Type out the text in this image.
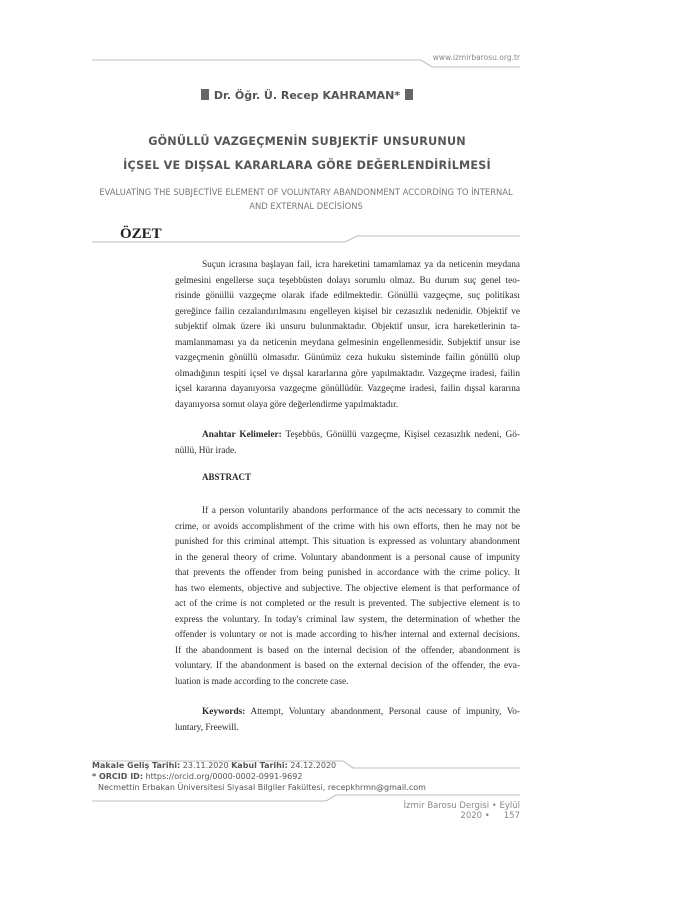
www.izmirbarosu.org.tr
Dr. Öğr. Ü. Recep KAHRAMAN*
GÖNÜLLÜ VAZGEÇMENİN SUBJEKTİF UNSURUNUN
İÇSEL VE DIŞSAL KARARLARA GÖRE DEĞERLENDİRİLMESİ
EVALUATİNG THE SUBJECTİVE ELEMENT OF VOLUNTARY ABANDONMENT ACCORDİNG TO İNTERNAL
AND EXTERNAL DECİSİONS
ÖZET
Suçun icrasına başlayan fail, icra hareketini tamamlamaz ya da neticenin meydana
gelmesini engellerse suça teşebbüsten dolayı sorumlu olmaz. Bu durum suç genel teo-
risinde gönüllü vazgeçme olarak ifade edilmektedir. Gönüllü vazgeçme, suç politikası
gereğince failin cezalandırılmasını engelleyen kişisel bir cezasızlık nedenidir. Objektif ve
subjektif olmak üzere iki unsuru bulunmaktadır. Objektif unsur, icra hareketlerinin ta-
mamlanmaması ya da neticenin meydana gelmesinin engellenmesidir. Subjektif unsur ise
vazgeçmenin gönüllü olmasıdır. Günümüz ceza hukuku sisteminde failin gönüllü olup
olmadığının tespiti içsel ve dışsal kararlarına göre yapılmaktadır. Vazgeçme iradesi, failin
içsel kararına dayanıyorsa vazgeçme gönüllüdür. Vazgeçme iradesi, failin dışsal kararına
dayanıyorsa somut olaya göre değerlendirme yapılmaktadır.
Anahtar Kelimeler: Teşebbüs, Gönüllü vazgeçme, Kişisel cezasızlık nedeni, Gö-
nüllü, Hür irade.
ABSTRACT
If a person voluntarily abandons performance of the acts necessary to commit the
crime, or avoids accomplishment of the crime with his own efforts, then he may not be
punished for this criminal attempt. This situation is expressed as voluntary abandonment
in the general theory of crime. Voluntary abandonment is a personal cause of impunity
that prevents the offender from being punished in accordance with the crime policy. It
has two elements, objective and subjective. The objective element is that performance of
act of the crime is not completed or the result is prevented. The subjective element is to
express the voluntary. In today's criminal law system, the determination of whether the
offender is voluntary or not is made according to his/her internal and external decisions.
If the abandonment is based on the internal decision of the offender, abandonment is
voluntary. If the abandonment is based on the external decision of the offender, the eva-
luation is made according to the concrete case.
Keywords: Attempt, Voluntary abandonment, Personal cause of impunity, Vo-
luntary, Freewill.
Makale Geliş Tarihi: 23.11.2020 Kabul Tarihi: 24.12.2020
* ORCID ID: https://orcid.org/0000-0002-0991-9692
Necmettin Erbakan Üniversitesi Siyasal Bilgiler Fakültesi, recepkhrmn@gmail.com
İzmir Barosu Dergisi • Eylül 2020 • 157
